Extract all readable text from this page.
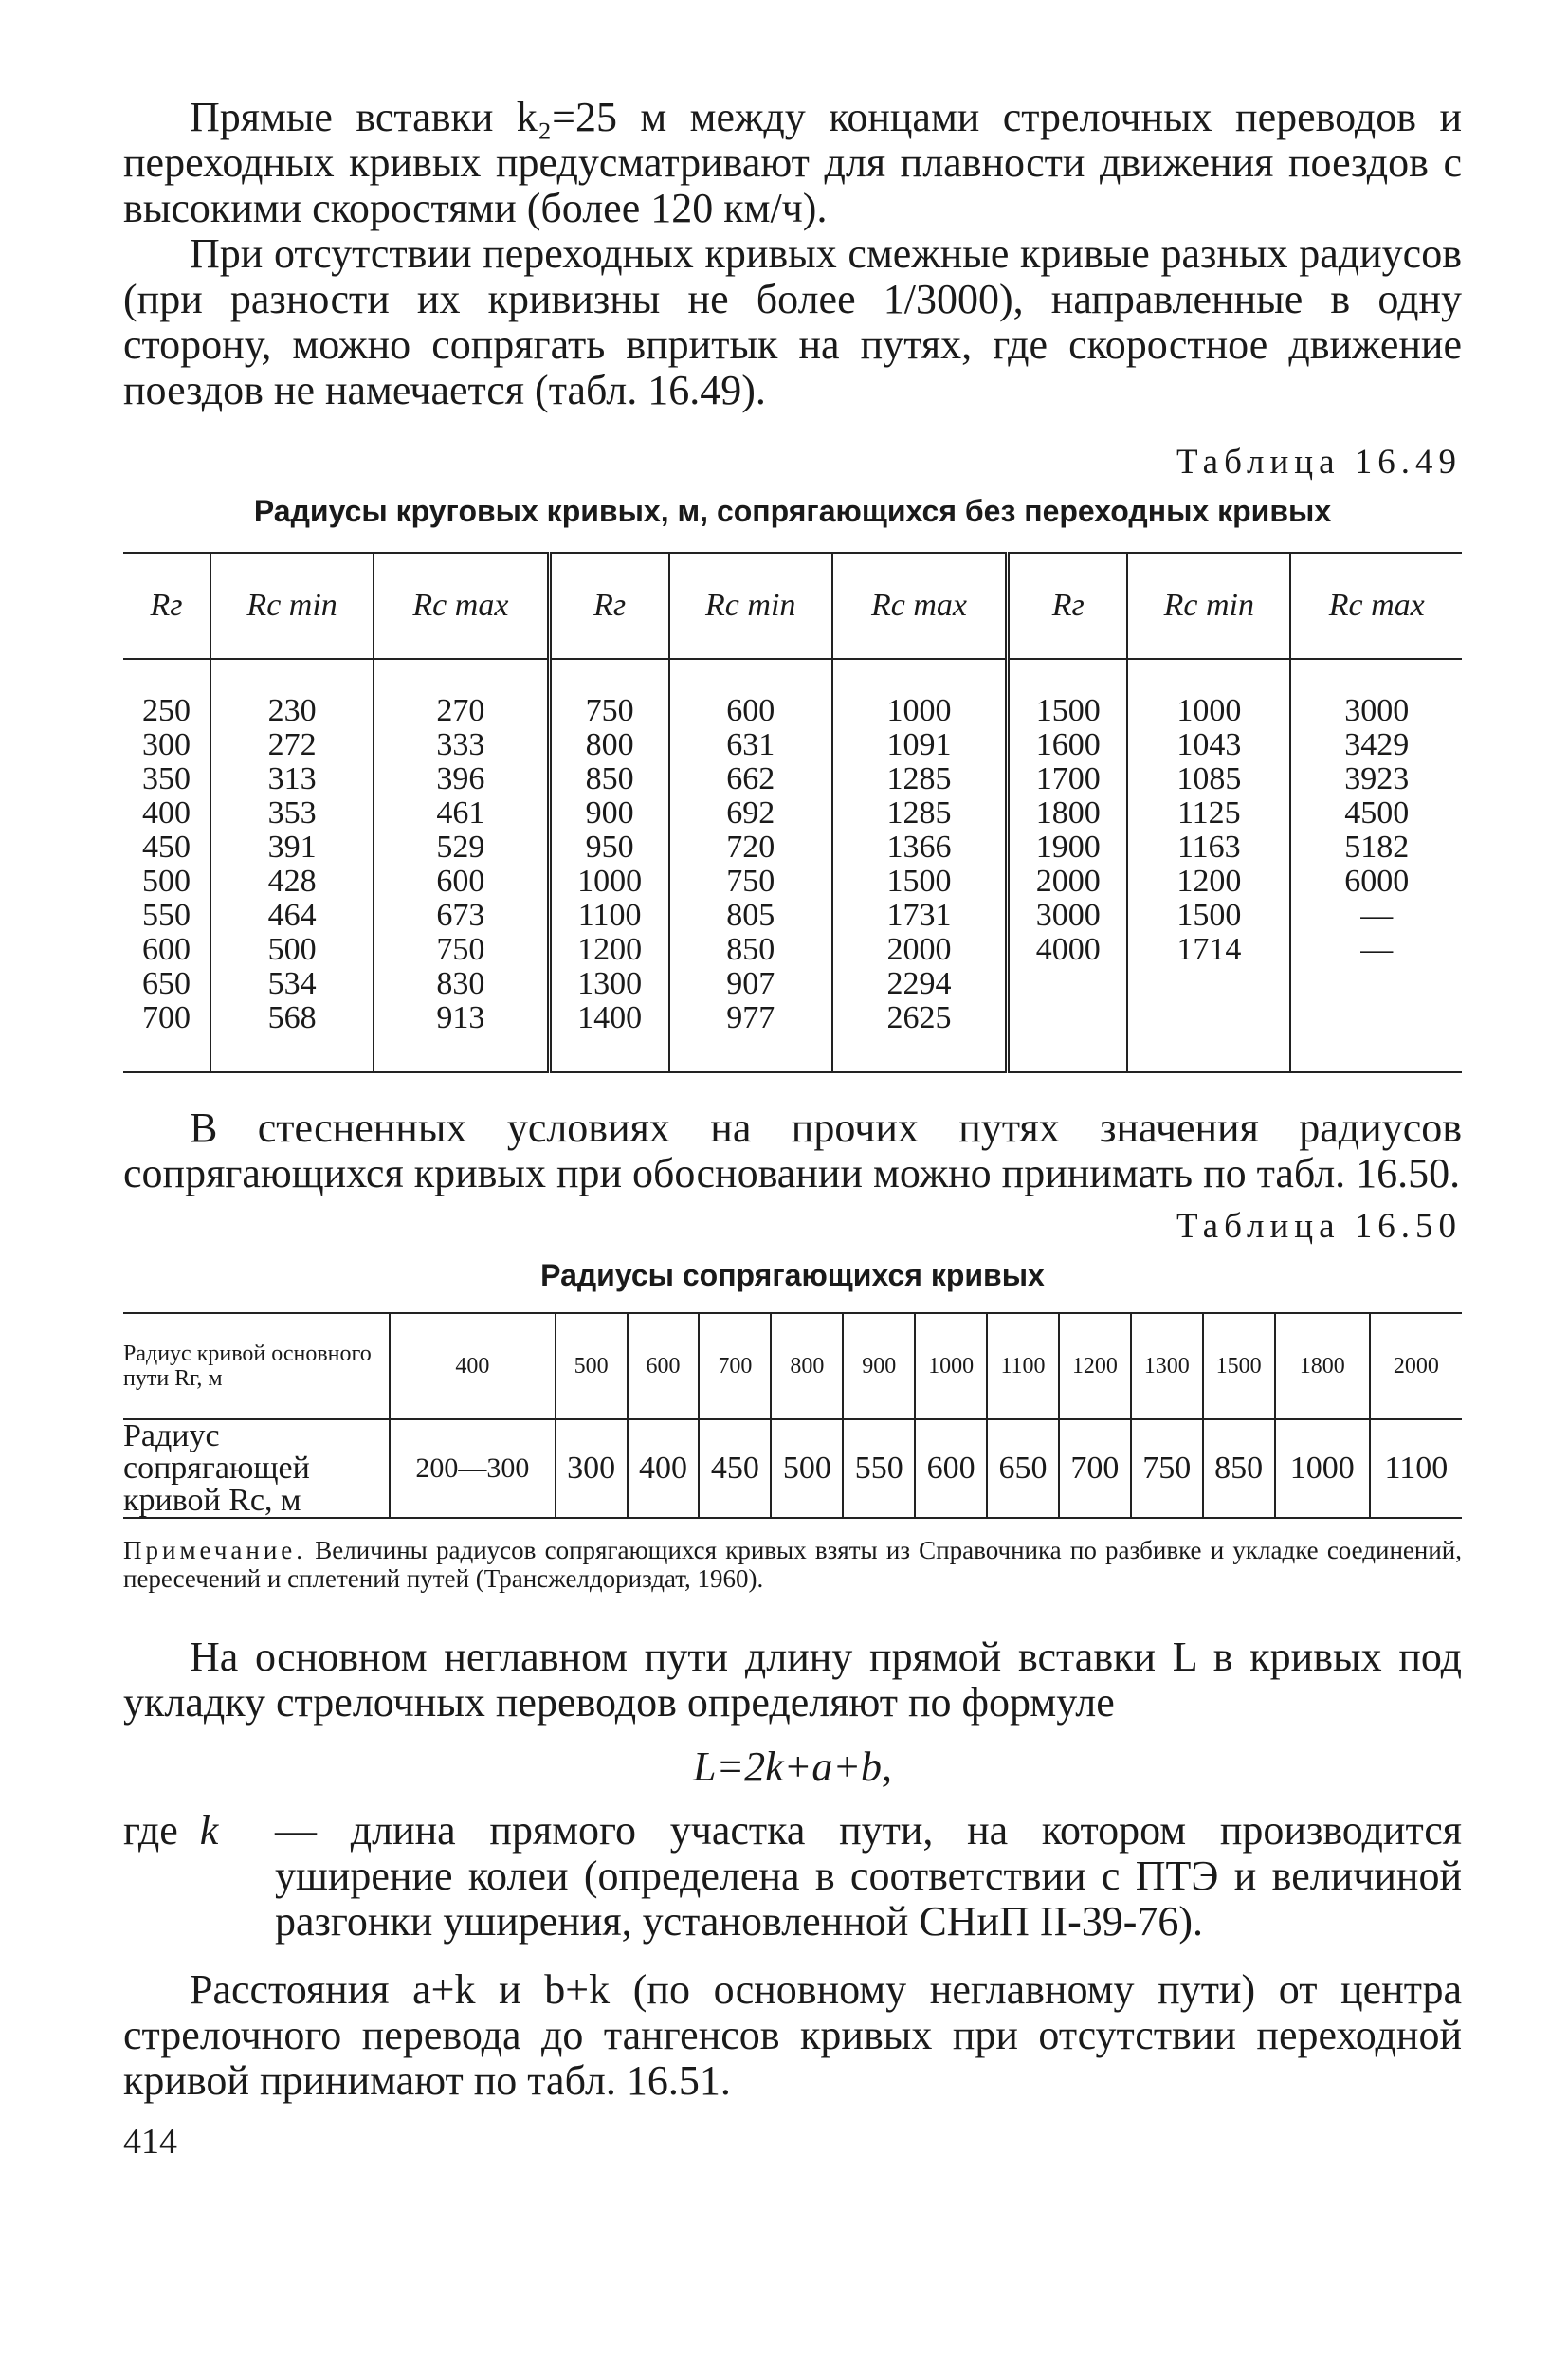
Прямые вставки k₂=25 м между концами стрелочных переводов и переходных кривых предусматривают для плавности движения поездов с высокими скоростями (более 120 км/ч).

При отсутствии переходных кривых смежные кривые разных радиусов (при разности их кривизны не более 1/3000), направленные в одну сторону, можно сопрягать впритык на путях, где скоростное движение поездов не намечается (табл. 16.49).

Таблица 16.49
Радиусы круговых кривых, м, сопрягающихся без переходных кривых
Rг	Rc min	Rc max	Rг	Rc min	Rc max	Rг	Rc min	Rc max
250	230	270	750	600	1000	1500	1000	3000
300	272	333	800	631	1091	1600	1043	3429
350	313	396	850	662	1285	1700	1085	3923
400	353	461	900	692	1285	1800	1125	4500
450	391	529	950	720	1366	1900	1163	5182
500	428	600	1000	750	1500	2000	1200	6000
550	464	673	1100	805	1731	3000	1500	—
600	500	750	1200	850	2000	4000	1714	—
650	534	830	1300	907	2294			
700	568	913	1400	977	2625			

В стесненных условиях на прочих путях значения радиусов сопрягающихся кривых при обосновании можно принимать по табл. 16.50.

Таблица 16.50
Радиусы сопрягающихся кривых
Радиус кривой основного пути Rг, м	400	500	600	700	800	900	1000	1100	1200	1300	1500	1800	2000
Радиус сопрягающей кривой Rc, м	200—300	300	400	450	500	550	600	650	700	750	850	1000	1100

Примечание. Величины радиусов сопрягающихся кривых взяты из Справочника по разбивке и укладке соединений, пересечений и сплетений путей (Трансжелдориздат, 1960).

На основном неглавном пути длину прямой вставки L в кривых под укладку стрелочных переводов определяют по формуле

L=2k+a+b,
где k	— длина прямого участка пути, на котором производится уширение колеи (определена в соответствии с ПТЭ и величиной разгонки уширения, установленной СНиП II-39-76).

Расстояния a+k и b+k (по основному неглавному пути) от центра стрелочного перевода до тангенсов кривых при отсутствии переходной кривой принимают по табл. 16.51.

414
